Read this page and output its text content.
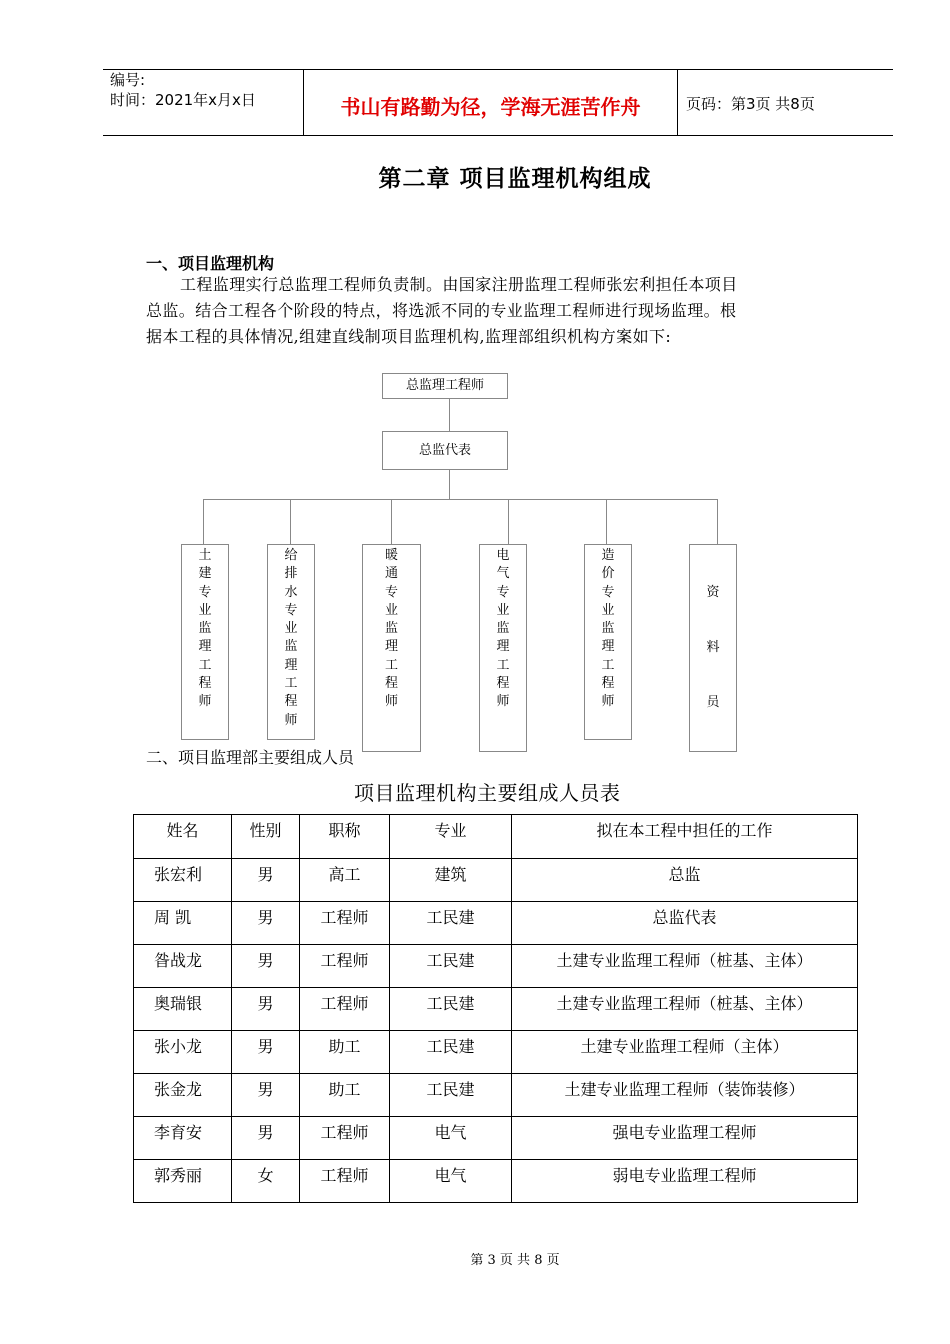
编号:
时间：2021年x月x日	书山有路勤为径，学海无涯苦作舟	页码：第3页 共8页
第二章 项目监理机构组成
一、项目监理机构
工程监理实行总监理工程师负责制。由国家注册监理工程师张宏利担任本项目
总监。结合工程各个阶段的特点，将选派不同的专业监理工程师进行现场监理。根
据本工程的具体情况,组建直线制项目监理机构,监理部组织机构方案如下:
总监理工程师
总监代表
土建专业监理工程师
给排水专业监理工程师
暖通专业监理工程师
电气专业监理工程师
造价专业监理工程师
资料员
二、项目监理部主要组成人员
项目监理机构主要组成人员表
姓名	性别	职称	专业	拟在本工程中担任的工作
张宏利	男	高工	建筑	总监
周 凯	男	工程师	工民建	总监代表
昝战龙	男	工程师	工民建	土建专业监理工程师（桩基、主体）
奥瑞银	男	工程师	工民建	土建专业监理工程师（桩基、主体）
张小龙	男	助工	工民建	土建专业监理工程师（主体）
张金龙	男	助工	工民建	土建专业监理工程师（装饰装修）
李育安	男	工程师	电气	强电专业监理工程师
郭秀丽	女	工程师	电气	弱电专业监理工程师
第 3 页 共 8 页
